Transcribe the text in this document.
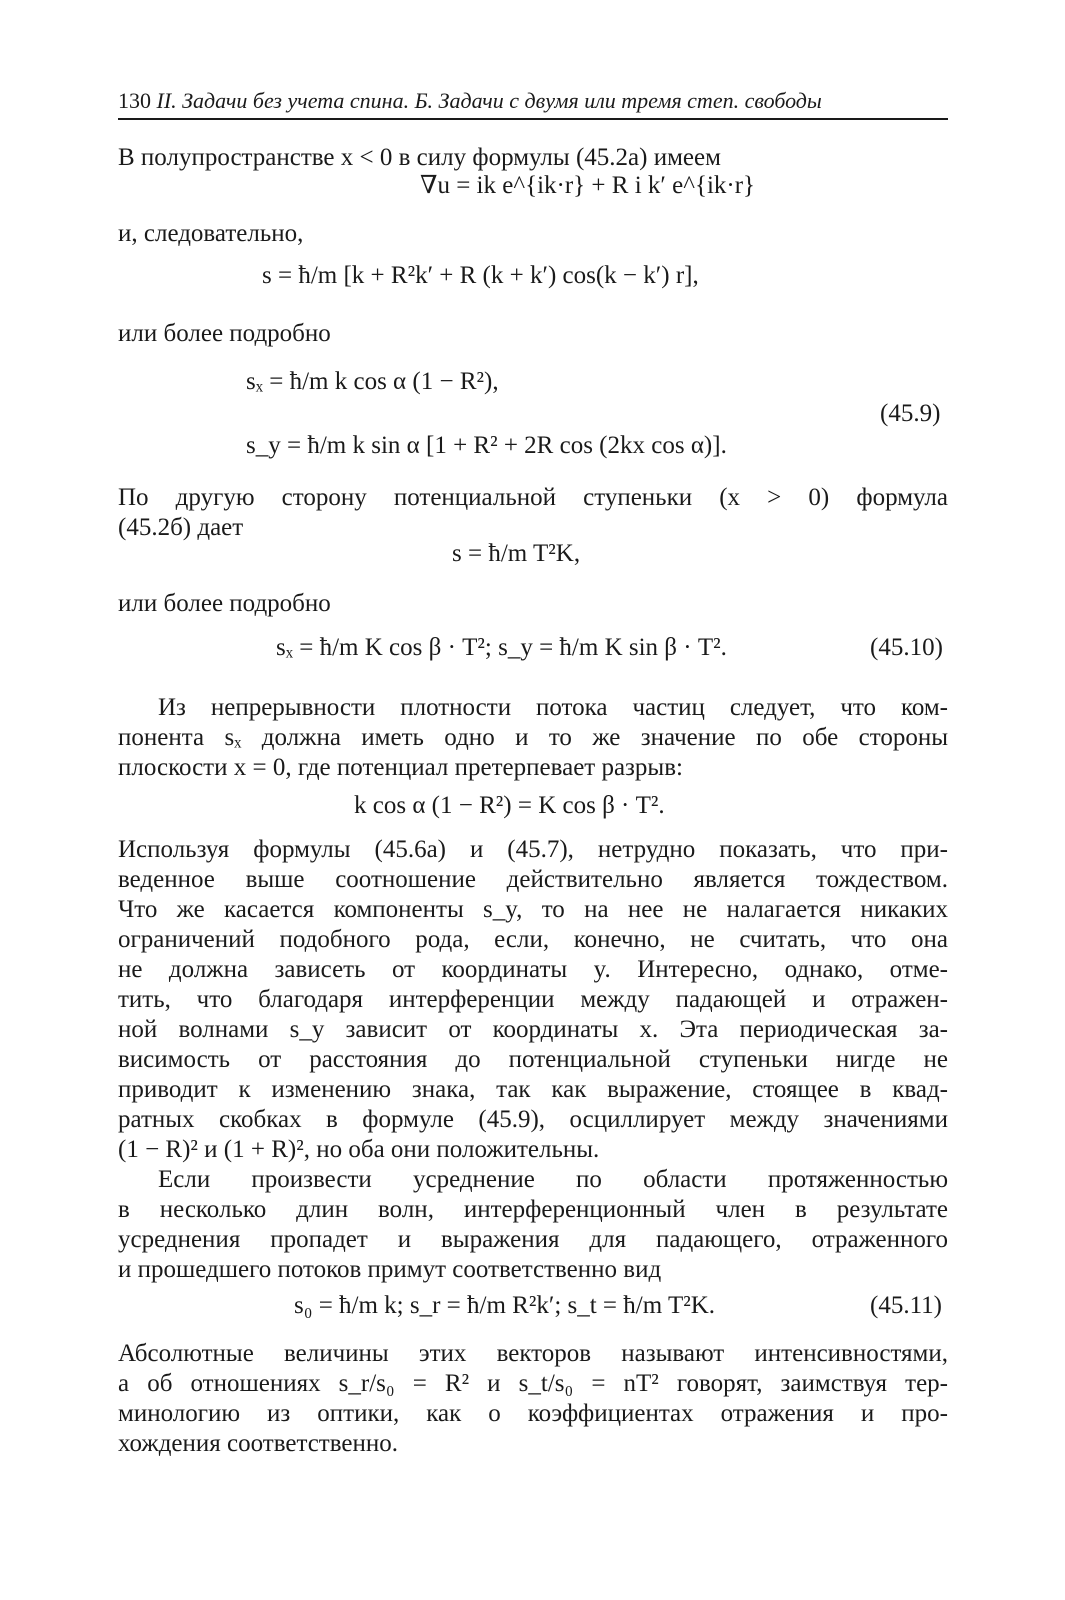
130 II. Задачи без учета спина. Б. Задачи с двумя или тремя степ. свободы
В полупространстве x < 0 в силу формулы (45.2а) имеем
∇u = ik e^{ik·r} + R i k′ e^{ik·r}
и, следовательно,
s = ħ/m [k + R²k′ + R (k + k′) cos(k − k′) r],
или более подробно
sₓ = ħ/m k cos α (1 − R²),
s_y = ħ/m k sin α [1 + R² + 2R cos (2kx cos α)].
(45.9)
По другую сторону потенциальной ступеньки (x > 0) формула
(45.2б) дает
s = ħ/m T²K,
или более подробно
sₓ = ħ/m K cos β · T²; s_y = ħ/m K sin β · T².	(45.10)
Из непрерывности плотности потока частиц следует, что ком-
понента sₓ должна иметь одно и то же значение по обе стороны
плоскости x = 0, где потенциал претерпевает разрыв:
k cos α (1 − R²) = K cos β · T².
Используя формулы (45.6а) и (45.7), нетрудно показать, что при-
веденное выше соотношение действительно является тождеством.
Что же касается компоненты s_y, то на нее не налагается никаких
ограничений подобного рода, если, конечно, не считать, что она
не должна зависеть от координаты y. Интересно, однако, отме-
тить, что благодаря интерференции между падающей и отражен-
ной волнами s_y зависит от координаты x. Эта периодическая за-
висимость от расстояния до потенциальной ступеньки нигде не
приводит к изменению знака, так как выражение, стоящее в квад-
ратных скобках в формуле (45.9), осциллирует между значениями
(1 − R)² и (1 + R)², но оба они положительны.
Если произвести усреднение по области протяженностью
в несколько длин волн, интерференционный член в результате
усреднения пропадет и выражения для падающего, отраженного
и прошедшего потоков примут соответственно вид
s₀ = ħ/m k; s_r = ħ/m R²k′; s_t = ħ/m T²K.	(45.11)
Абсолютные величины этих векторов называют интенсивностями,
а об отношениях s_r/s₀ = R² и s_t/s₀ = nT² говорят, заимствуя тер-
минологию из оптики, как о коэффициентах отражения и про-
хождения соответственно.
